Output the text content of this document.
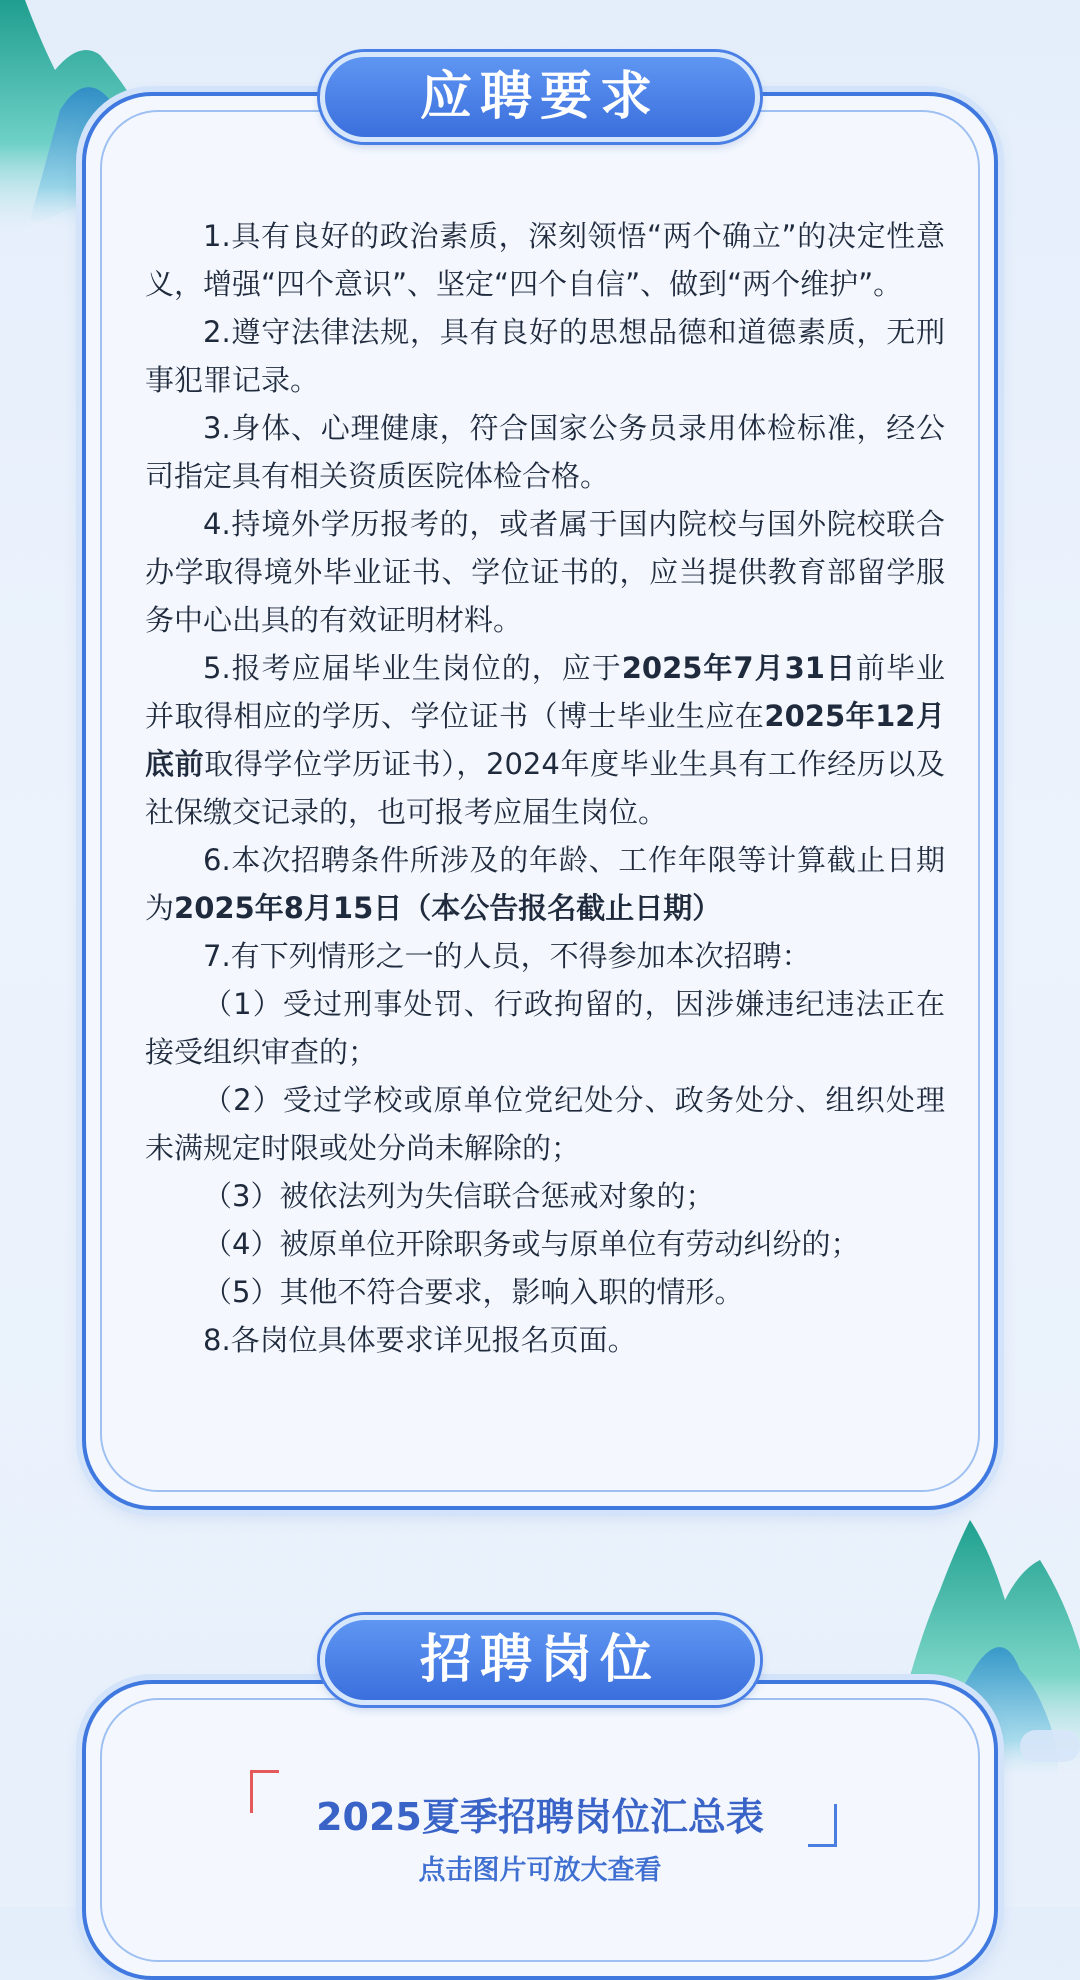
应聘要求

1.具有良好的政治素质，深刻领悟“两个确立”的决定性意义，增强“四个意识”、坚定“四个自信”、做到“两个维护”。

2.遵守法律法规，具有良好的思想品德和道德素质，无刑事犯罪记录。

3.身体、心理健康，符合国家公务员录用体检标准，经公司指定具有相关资质医院体检合格。

4.持境外学历报考的，或者属于国内院校与国外院校联合办学取得境外毕业证书、学位证书的，应当提供教育部留学服务中心出具的有效证明材料。

5.报考应届毕业生岗位的，应于2025年7月31日前毕业并取得相应的学历、学位证书（博士毕业生应在2025年12月底前取得学位学历证书），2024年度毕业生具有工作经历以及社保缴交记录的，也可报考应届生岗位。

6.本次招聘条件所涉及的年龄、工作年限等计算截止日期为2025年8月15日（本公告报名截止日期）

7.有下列情形之一的人员，不得参加本次招聘：

（1）受过刑事处罚、行政拘留的，因涉嫌违纪违法正在接受组织审查的；

（2）受过学校或原单位党纪处分、政务处分、组织处理未满规定时限或处分尚未解除的；

（3）被依法列为失信联合惩戒对象的；

（4）被原单位开除职务或与原单位有劳动纠纷的；

（5）其他不符合要求，影响入职的情形。

8.各岗位具体要求详见报名页面。

招聘岗位
2025夏季招聘岗位汇总表
点击图片可放大查看
